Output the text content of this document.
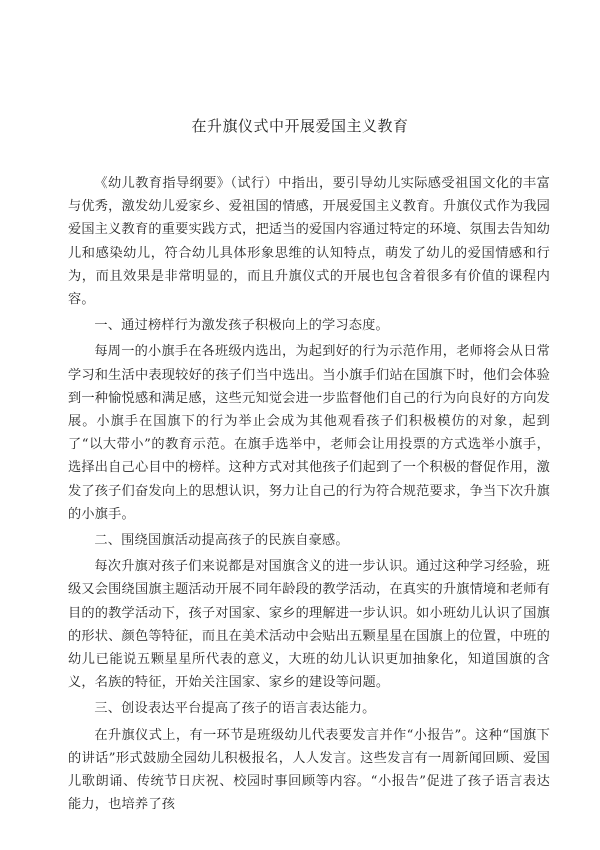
在升旗仪式中开展爱国主义教育

《幼儿教育指导纲要》（试行）中指出，要引导幼儿实际感受祖国文化的丰富与优秀，激发幼儿爱家乡、爱祖国的情感，开展爱国主义教育。升旗仪式作为我园爱国主义教育的重要实践方式，把适当的爱国内容通过特定的环境、氛围去告知幼儿和感染幼儿，符合幼儿具体形象思维的认知特点，萌发了幼儿的爱国情感和行为，而且效果是非常明显的，而且升旗仪式的开展也包含着很多有价值的课程内容。

一、通过榜样行为激发孩子积极向上的学习态度。

每周一的小旗手在各班级内选出，为起到好的行为示范作用，老师将会从日常学习和生活中表现较好的孩子们当中选出。当小旗手们站在国旗下时，他们会体验到一种愉悦感和满足感，这些元知觉会进一步监督他们自己的行为向良好的方向发展。小旗手在国旗下的行为举止会成为其他观看孩子们积极模仿的对象，起到了“以大带小”的教育示范。在旗手选举中，老师会让用投票的方式选举小旗手，选择出自己心目中的榜样。这种方式对其他孩子们起到了一个积极的督促作用，激发了孩子们奋发向上的思想认识，努力让自己的行为符合规范要求，争当下次升旗的小旗手。

二、围绕国旗活动提高孩子的民族自豪感。

每次升旗对孩子们来说都是对国旗含义的进一步认识。通过这种学习经验，班级又会围绕国旗主题活动开展不同年龄段的教学活动，在真实的升旗情境和老师有目的的教学活动下，孩子对国家、家乡的理解进一步认识。如小班幼儿认识了国旗的形状、颜色等特征，而且在美术活动中会贴出五颗星星在国旗上的位置，中班的幼儿已能说五颗星星所代表的意义，大班的幼儿认识更加抽象化，知道国旗的含义，名族的特征，开始关注国家、家乡的建设等问题。

三、创设表达平台提高了孩子的语言表达能力。

在升旗仪式上，有一环节是班级幼儿代表要发言并作“小报告”。这种“国旗下的讲话”形式鼓励全园幼儿积极报名，人人发言。这些发言有一周新闻回顾、爱国儿歌朗诵、传统节日庆祝、校园时事回顾等内容。“小报告”促进了孩子语言表达能力，也培养了孩
